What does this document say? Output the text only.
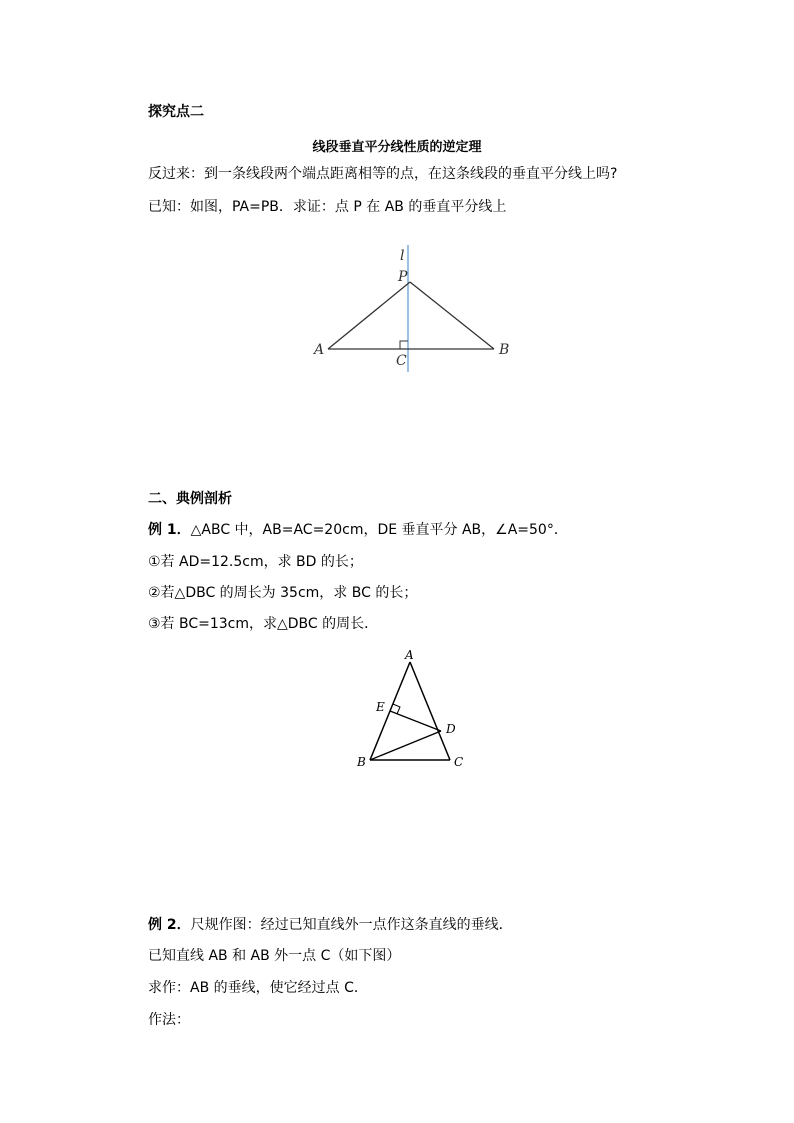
探究点二
线段垂直平分线性质的逆定理
反过来：到一条线段两个端点距离相等的点，在这条线段的垂直平分线上吗?
已知：如图，PA=PB．求证：点 P 在 AB 的垂直平分线上
l
P
A	B
C
A
E
D
B	C
二、典例剖析
例 1．△ABC 中，AB=AC=20cm，DE 垂直平分 AB，∠A=50°．
①若 AD=12.5cm，求 BD 的长；
②若△DBC 的周长为 35cm，求 BC 的长；
③若 BC=13cm，求△DBC 的周长．
例 2．尺规作图：经过已知直线外一点作这条直线的垂线．
已知直线 AB 和 AB 外一点 C（如下图）
求作：AB 的垂线，使它经过点 C．
作法：
